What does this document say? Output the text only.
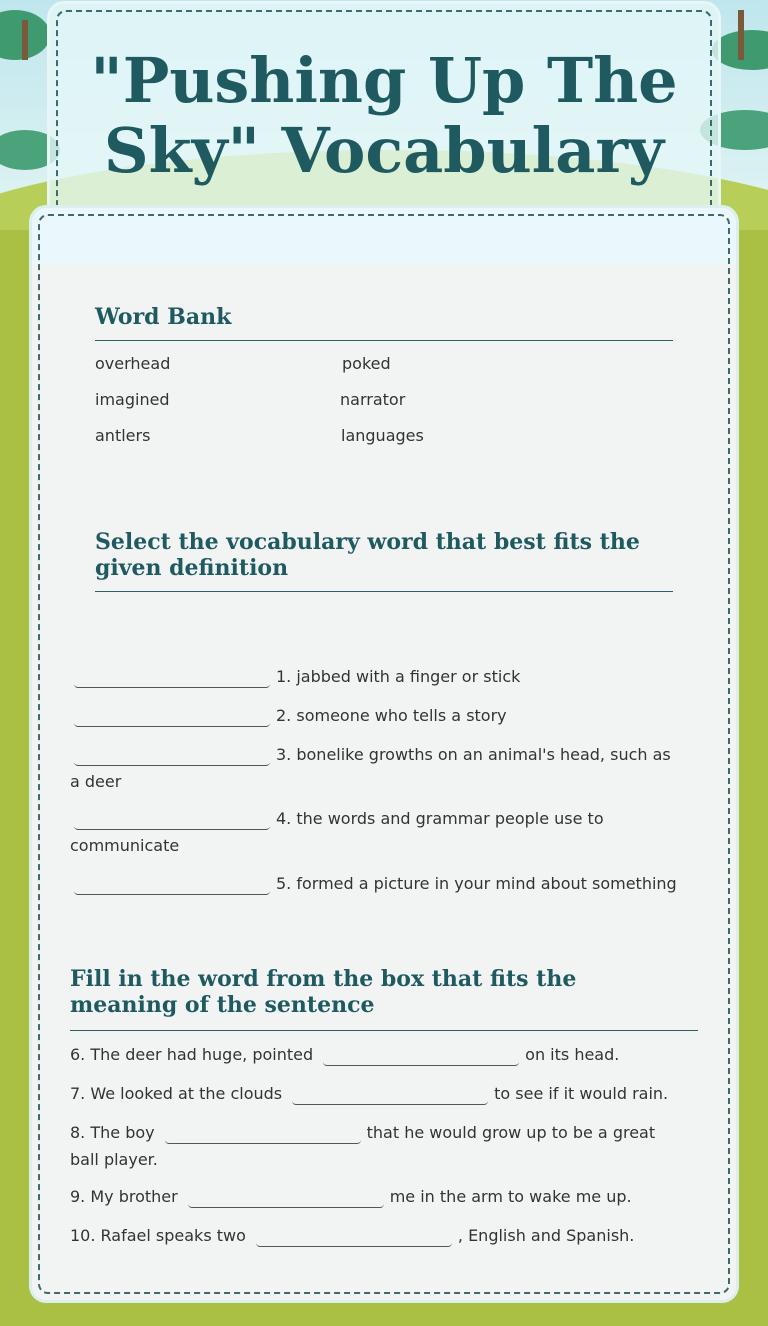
"Pushing Up The Sky" Vocabulary
Word Bank
overhead	poked
imagined	narrator
antlers	languages
Select the vocabulary word that best fits the given definition
1. jabbed with a finger or stick
2. someone who tells a story
3. bonelike growths on an animal's head, such as
a deer
4. the words and grammar people use to
communicate
5. formed a picture in your mind about something
Fill in the word from the box that fits the meaning of the sentence
6. The deer had huge, pointed	on its head.
7. We looked at the clouds	to see if it would rain.
8. The boy	that he would grow up to be a great
ball player.
9. My brother	me in the arm to wake me up.
10. Rafael speaks two	, English and Spanish.
